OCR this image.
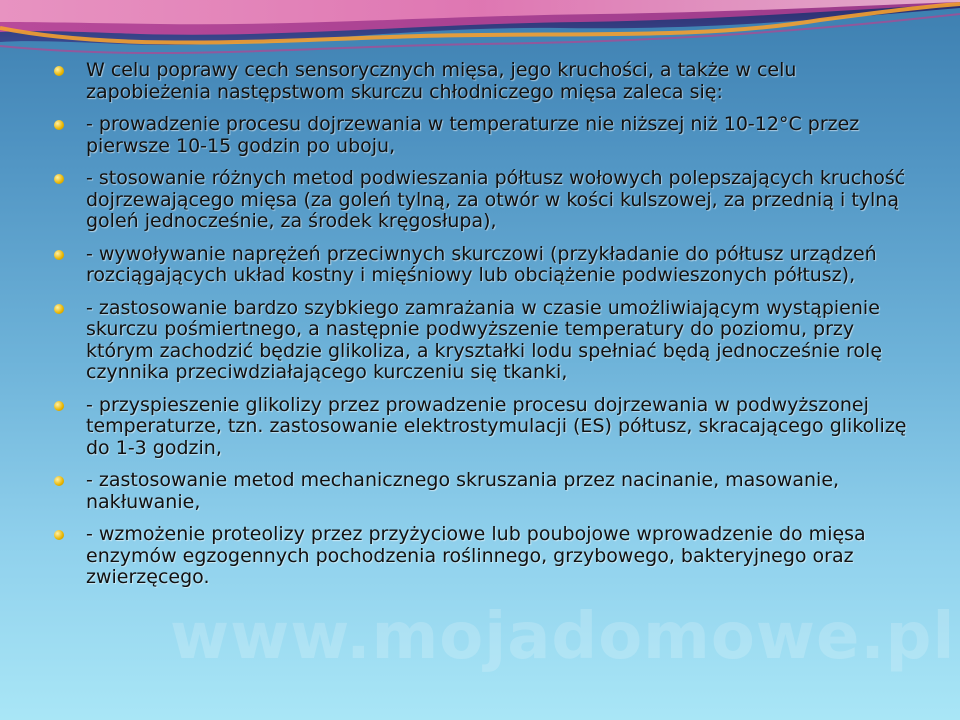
www.mojadomowe.pl
W celu poprawy cech sensorycznych mięsa, jego kruchości, a także w celu zapobieżenia następstwom skurczu chłodniczego mięsa zaleca się:
- prowadzenie procesu dojrzewania w temperaturze nie niższej niż 10-12°C przez pierwsze 10-15 godzin po uboju,
- stosowanie różnych metod podwieszania półtusz wołowych polepszających kruchość dojrzewającego mięsa (za goleń tylną, za otwór w kości kulszowej, za przednią i tylną goleń jednocześnie, za środek kręgosłupa),
- wywoływanie naprężeń przeciwnych skurczowi (przykładanie do półtusz urządzeń rozciągających układ kostny i mięśniowy lub obciążenie podwieszonych półtusz),
- zastosowanie bardzo szybkiego zamrażania w czasie umożliwiającym wystąpienie skurczu pośmiertnego, a następnie podwyższenie temperatury do poziomu, przy którym zachodzić będzie glikoliza, a kryształki lodu spełniać będą jednocześnie rolę czynnika przeciwdziałającego kurczeniu się tkanki,
- przyspieszenie glikolizy przez prowadzenie procesu dojrzewania w podwyższonej temperaturze, tzn. zastosowanie elektrostymulacji (ES) półtusz, skracającego glikolizę do 1-3 godzin,
- zastosowanie metod mechanicznego skruszania przez nacinanie, masowanie, nakłuwanie,
- wzmożenie proteolizy przez przyżyciowe lub poubojowe wprowadzenie do mięsa enzymów egzogennych pochodzenia roślinnego, grzybowego, bakteryjnego oraz zwierzęcego.
